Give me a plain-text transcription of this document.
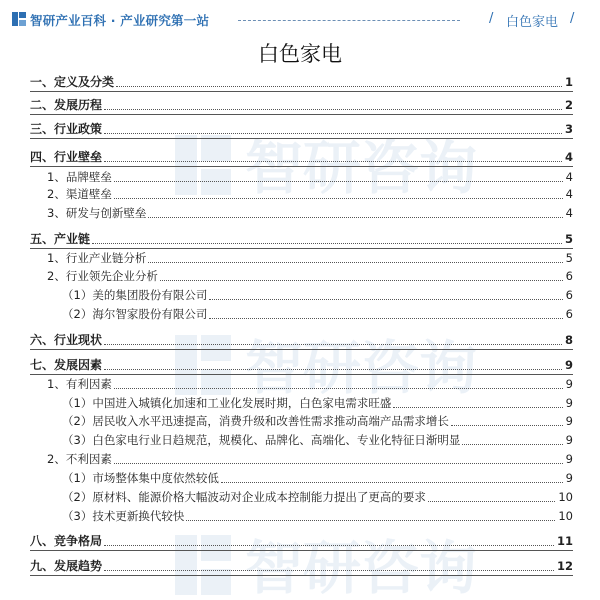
智研产业百科 · 产业研究第一站	/ 白色家电 /
白色家电
智研咨询
智研咨询
智研咨询
一、定义及分类	1
二、发展历程	2
三、行业政策	3
四、行业壁垒	4
1、品牌壁垒	4
2、渠道壁垒	4
3、研发与创新壁垒	4
五、产业链	5
1、行业产业链分析	5
2、行业领先企业分析	6
（1）美的集团股份有限公司	6
（2）海尔智家股份有限公司	6
六、行业现状	8
七、发展因素	9
1、有利因素	9
（1）中国进入城镇化加速和工业化发展时期，白色家电需求旺盛	9
（2）居民收入水平迅速提高，消费升级和改善性需求推动高端产品需求增长	9
（3）白色家电行业日趋规范，规模化、品牌化、高端化、专业化特征日渐明显	9
2、不利因素	9
（1）市场整体集中度依然较低	9
（2）原材料、能源价格大幅波动对企业成本控制能力提出了更高的要求	10
（3）技术更新换代较快	10
八、竞争格局	11
九、发展趋势	12
